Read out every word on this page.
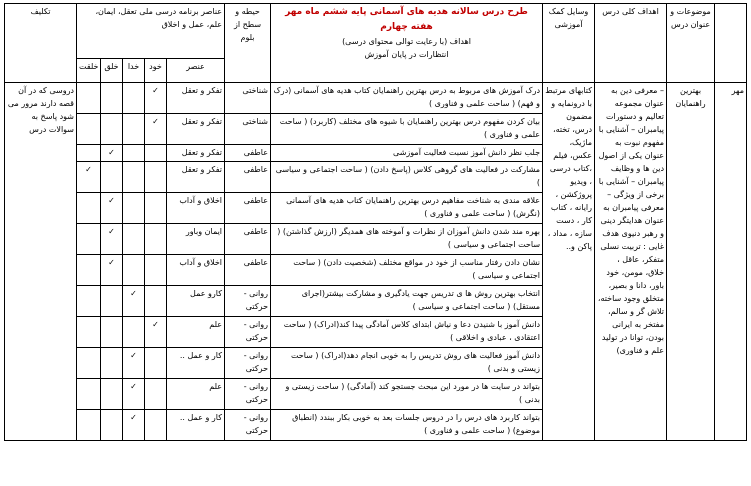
تکلیف	عناصر برنامه درسی ملی تعقل، ایمان، علم، عمل و اخلاق					حیطه و سطح از بلوم	طرح درس سالانه هدیه های آسمانی پایه ششم ماه مهر هفته چهارم
اهداف (با رعایت توالی محتوای درسی)
انتظارات در پایان آموزش	وسایل کمک آموزشی	اهداف کلی درس	موضوعات و عنوان درس	
	خلقت	خلق	خدا	خود	عنصر						
دروسی که در آن قصه دارند مرور می شود پاسخ به سوالات درس				✓	تفکر و تعقل	شناختی	درک آموزش های مربوط به درس بهترین راهنمایان کتاب هدیه های آسمانی (درک و فهم) ( ساحت علمی و فناوری )	کتابهای مرتبط با درونمایه و مضمون درس، تخته، ماژیک، عکس، فیلم ،کتاب درسی ، ویدیو پروژکشن ، رایانه ، کتاب کار ، دست سازه ، مداد ، پاکن و..	– معرفی دین به عنوان مجموعه تعالیم و دستورات پیامبران – آشنایی با مفهوم نبوت به عنوان یکی از اصول دین ها و وظایف پیامبران – آشنایی با برخی از ویژگی – معرفی پیامبران به عنوان هدایتگر دینی و رهبر دنیوی هدف غایی : تربیت نسلی متفکر، عاقل ، خلاق، مومن، خود باور، دانا و بصیر، متخلق وجود ساخته، تلاش گر و سالم، مفتخر به ایرانی بودن، توانا در تولید علم و فناوری)	بهترین راهنمایان	مهر
				✓	تفکر و تعقل	شناختی	بیان کردن مفهوم درس بهترین راهنمایان با شیوه های مختلف (کاربرد) ( ساحت علمی و فناوری )				
		✓			تفکر و تعقل	عاطفی	جلب نظر دانش آموز نسبت فعالیت آموزشی				
	✓				تفکر و تعقل	عاطفی	مشارکت در فعالیت های گروهی کلاس (پاسخ دادن) ( ساحت اجتماعی و سیاسی )				
		✓			اخلاق و آداب	عاطفی	علاقه مندی به شناخت مفاهیم درس بهترین راهنمایان کتاب هدیه های آسمانی (نگرش) ( ساحت علمی و فناوری )				
		✓			ایمان وباور	عاطفی	بهره مند شدن دانش آموزان از نظرات و آموخته های همدیگر (ارزش گذاشتن) ( ساحت اجتماعی و سیاسی )				
		✓			اخلاق و آداب	عاطفی	نشان دادن رفتار مناسب از خود در مواقع مختلف (شخصیت دادن) ( ساحت اجتماعی و سیاسی )				
			✓		کارو عمل	روانی - حرکتی	انتخاب بهترین روش ها ی تدریس جهت یادگیری و مشارکت بیشتر(اجرای مستقل) ( ساحت اجتماعی و سیاسی )				
				✓	علم	روانی - حرکتی	دانش آموز با شنیدن دعا و نیاش ابتدای کلاس آمادگی پیدا کند(ادراک) ( ساحت اعتقادی ، عبادی و اخلاقی )				
			✓		کار و عمل ..	روانی - حرکتی	دانش آموز فعالیت های روش تدریس را به خوبی انجام دهد(ادراک) ( ساحت زیستی و بدنی )				
			✓		علم	روانی - حرکتی	بتواند در سایت ها در مورد این مبحث جستجو کند (آمادگی) ( ساحت زیستی و بدنی )				
			✓		کار و عمل ..	روانی - حرکتی	بتواند کاربرد های درس را در دروس جلسات بعد به خوبی بکار ببندد (انطباق موضوع) ( ساحت علمی و فناوری )				
